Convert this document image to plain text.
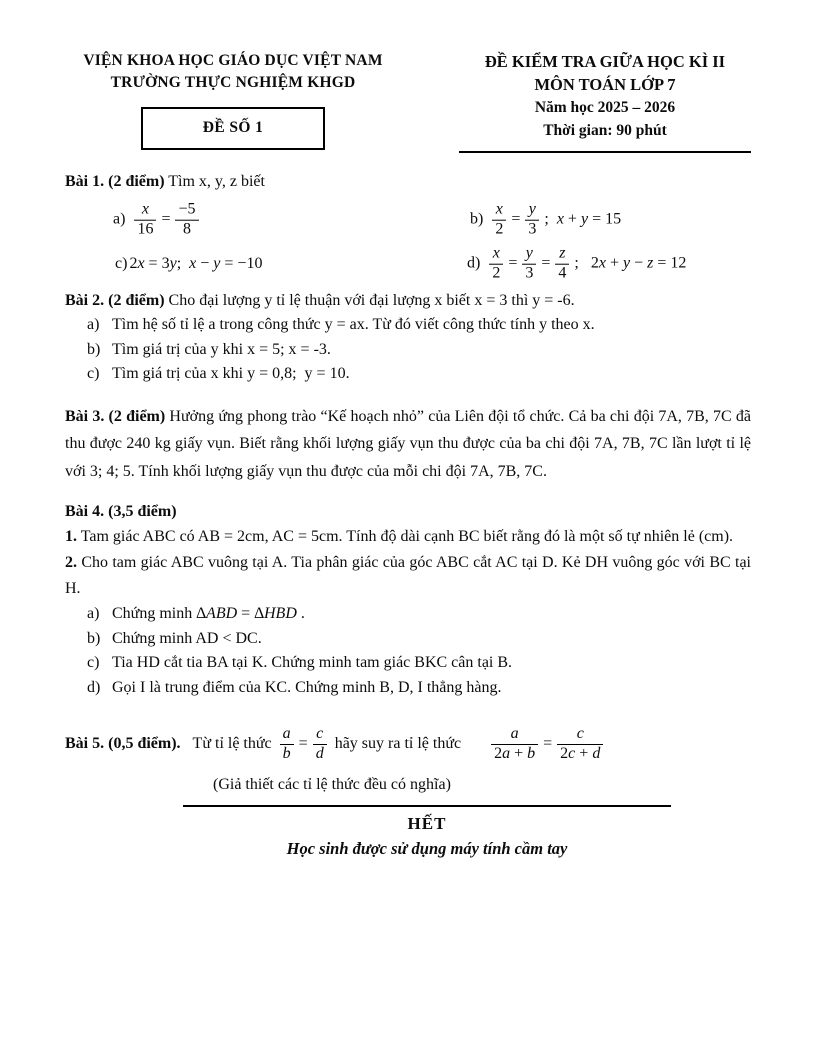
VIỆN KHOA HỌC GIÁO DỤC VIỆT NAM
TRƯỜNG THỰC NGHIỆM KHGD
ĐỀ SỐ 1
ĐỀ KIỂM TRA GIỮA HỌC KÌ II
MÔN TOÁN LỚP 7
Năm học 2025 – 2026
Thời gian: 90 phút
Bài 1. (2 điểm) Tìm x, y, z biết
$a) \frac{x}{16} = \frac{-5}{8}$	$b) \frac{x}{2} = \frac{y}{3}$ ; x + y = 15
c) 2x = 3y; x − y = −10	$d) \frac{x}{2} = \frac{y}{3} = \frac{z}{4}$ ; 2x + y − z = 12
Bài 2. (2 điểm) Cho đại lượng y tỉ lệ thuận với đại lượng x biết x = 3 thì y = -6.
a) Tìm hệ số tỉ lệ a trong công thức y = ax. Từ đó viết công thức tính y theo x.
b) Tìm giá trị của y khi x = 5; x = -3.
c) Tìm giá trị của x khi y = 0,8;  y = 10.
Bài 3. (2 điểm) Hưởng ứng phong trào “Kế hoạch nhỏ” của Liên đội tổ chức. Cả ba chi đội 7A, 7B, 7C đã thu được 240 kg giấy vụn. Biết rằng khối lượng giấy vụn thu được của ba chi đội 7A, 7B, 7C lần lượt tỉ lệ với 3; 4; 5. Tính khối lượng giấy vụn thu được của mỗi chi đội 7A, 7B, 7C.
Bài 4. (3,5 điểm)
1. Tam giác ABC có AB = 2cm, AC = 5cm. Tính độ dài cạnh BC biết rằng đó là một số tự nhiên lẻ (cm).
2. Cho tam giác ABC vuông tại A. Tia phân giác của góc ABC cắt AC tại D. Kẻ DH vuông góc với BC tại H.
a) Chứng minh ∆ABD = ∆HBD .
b) Chứng minh AD < DC.
c) Tia HD cắt tia BA tại K. Chứng minh tam giác BKC cân tại B.
d) Gọi I là trung điểm của KC. Chứng minh B, D, I thẳng hàng.
Bài 5. (0,5 điểm). Từ tỉ lệ thức $\frac{a}{b} = \frac{c}{d}$ hãy suy ra tỉ lệ thức $\frac{a}{2a + b} = \frac{c}{2c + d}$
(Giả thiết các tỉ lệ thức đều có nghĩa)
HẾT
Học sinh được sử dụng máy tính cầm tay
